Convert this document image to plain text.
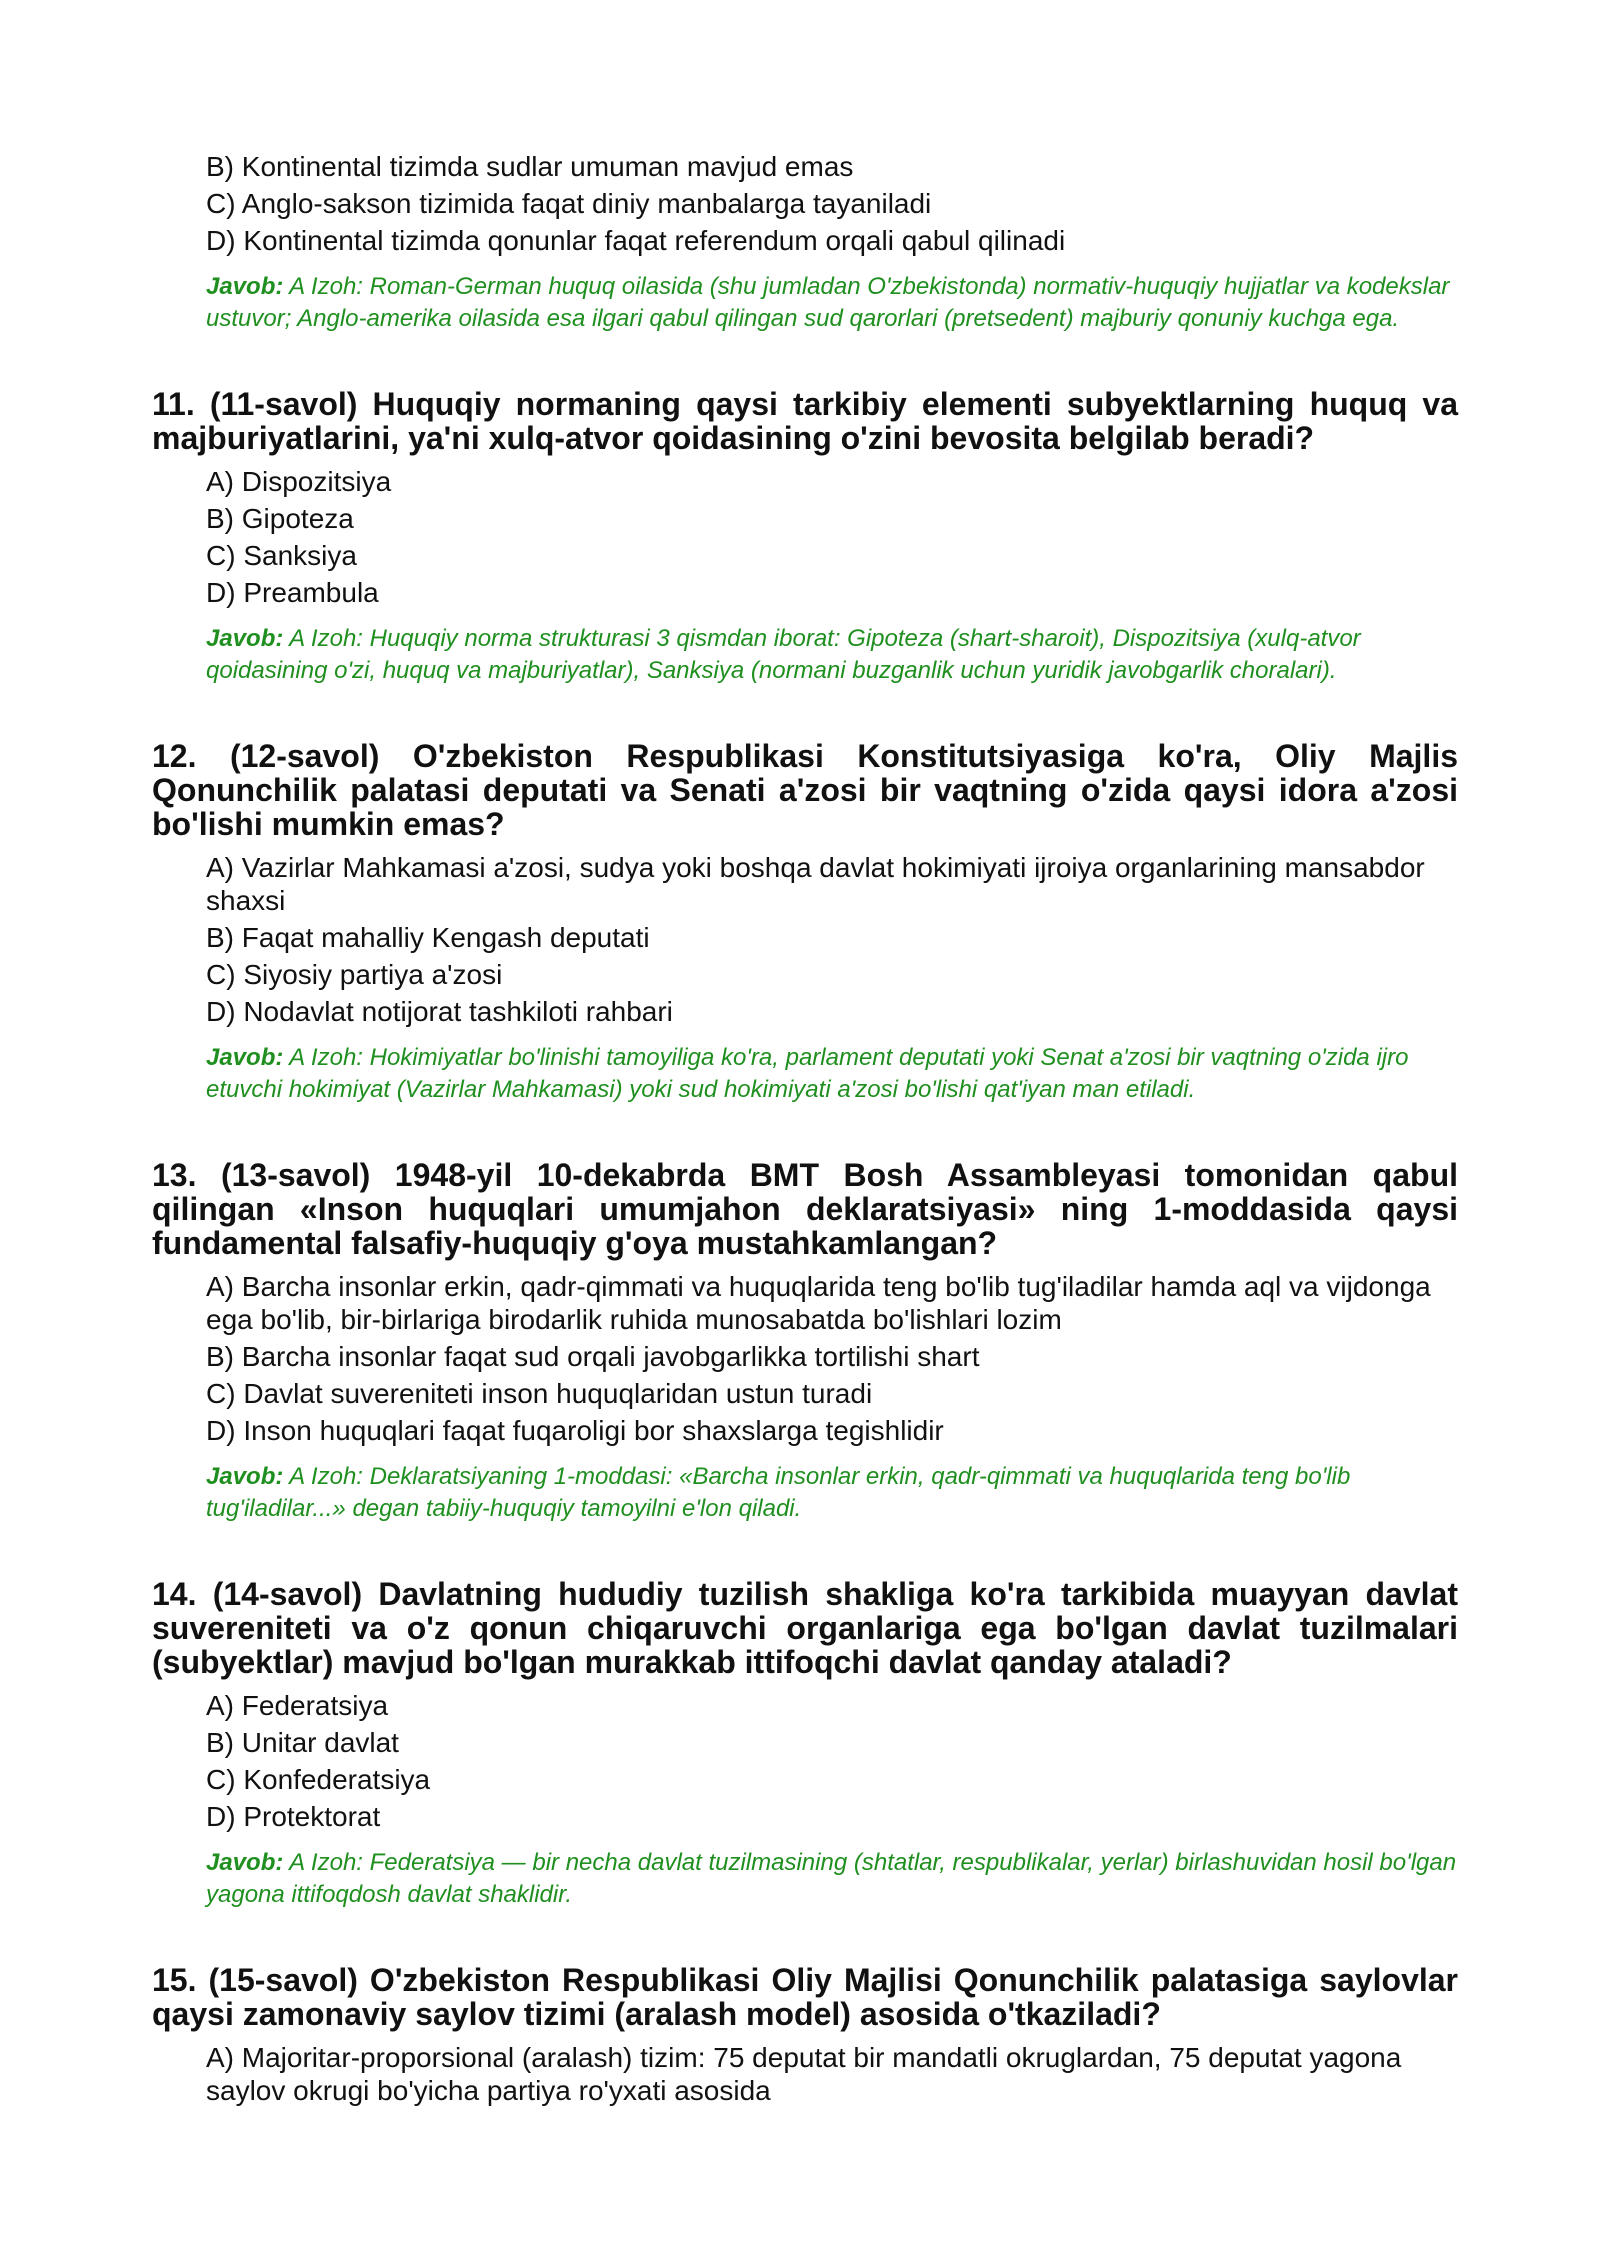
B) Kontinental tizimda sudlar umuman mavjud emas
C) Anglo-sakson tizimida faqat diniy manbalarga tayaniladi
D) Kontinental tizimda qonunlar faqat referendum orqali qabul qilinadi
Javob: A Izoh: Roman-German huquq oilasida (shu jumladan O'zbekistonda) normativ-huquqiy hujjatlar va kodekslar ustuvor; Anglo-amerika oilasida esa ilgari qabul qilingan sud qarorlari (pretsedent) majburiy qonuniy kuchga ega.
11. (11-savol) Huquqiy normaning qaysi tarkibiy elementi subyektlarning huquq va majburiyatlarini, ya'ni xulq-atvor qoidasining o'zini bevosita belgilab beradi?
A) Dispozitsiya
B) Gipoteza
C) Sanksiya
D) Preambula
Javob: A Izoh: Huquqiy norma strukturasi 3 qismdan iborat: Gipoteza (shart-sharoit), Dispozitsiya (xulq-atvor qoidasining o'zi, huquq va majburiyatlar), Sanksiya (normani buzganlik uchun yuridik javobgarlik choralari).
12. (12-savol) O'zbekiston Respublikasi Konstitutsiyasiga ko'ra, Oliy Majlis Qonunchilik palatasi deputati va Senati a'zosi bir vaqtning o'zida qaysi idora a'zosi bo'lishi mumkin emas?
A) Vazirlar Mahkamasi a'zosi, sudya yoki boshqa davlat hokimiyati ijroiya organlarining mansabdor shaxsi
B) Faqat mahalliy Kengash deputati
C) Siyosiy partiya a'zosi
D) Nodavlat notijorat tashkiloti rahbari
Javob: A Izoh: Hokimiyatlar bo'linishi tamoyiliga ko'ra, parlament deputati yoki Senat a'zosi bir vaqtning o'zida ijro etuvchi hokimiyat (Vazirlar Mahkamasi) yoki sud hokimiyati a'zosi bo'lishi qat'iyan man etiladi.
13. (13-savol) 1948-yil 10-dekabrda BMT Bosh Assambleyasi tomonidan qabul qilingan «Inson huquqlari umumjahon deklaratsiyasi» ning 1-moddasida qaysi fundamental falsafiy-huquqiy g'oya mustahkamlangan?
A) Barcha insonlar erkin, qadr-qimmati va huquqlarida teng bo'lib tug'iladilar hamda aql va vijdonga ega bo'lib, bir-birlariga birodarlik ruhida munosabatda bo'lishlari lozim
B) Barcha insonlar faqat sud orqali javobgarlikka tortilishi shart
C) Davlat suvereniteti inson huquqlaridan ustun turadi
D) Inson huquqlari faqat fuqaroligi bor shaxslarga tegishlidir
Javob: A Izoh: Deklaratsiyaning 1-moddasi: «Barcha insonlar erkin, qadr-qimmati va huquqlarida teng bo'lib tug'iladilar...» degan tabiiy-huquqiy tamoyilni e'lon qiladi.
14. (14-savol) Davlatning hududiy tuzilish shakliga ko'ra tarkibida muayyan davlat suvereniteti va o'z qonun chiqaruvchi organlariga ega bo'lgan davlat tuzilmalari (subyektlar) mavjud bo'lgan murakkab ittifoqchi davlat qanday ataladi?
A) Federatsiya
B) Unitar davlat
C) Konfederatsiya
D) Protektorat
Javob: A Izoh: Federatsiya — bir necha davlat tuzilmasining (shtatlar, respublikalar, yerlar) birlashuvidan hosil bo'lgan yagona ittifoqdosh davlat shaklidir.
15. (15-savol) O'zbekiston Respublikasi Oliy Majlisi Qonunchilik palatasiga saylovlar qaysi zamonaviy saylov tizimi (aralash model) asosida o'tkaziladi?
A) Majoritar-proporsional (aralash) tizim: 75 deputat bir mandatli okruglardan, 75 deputat yagona saylov okrugi bo'yicha partiya ro'yxati asosida
